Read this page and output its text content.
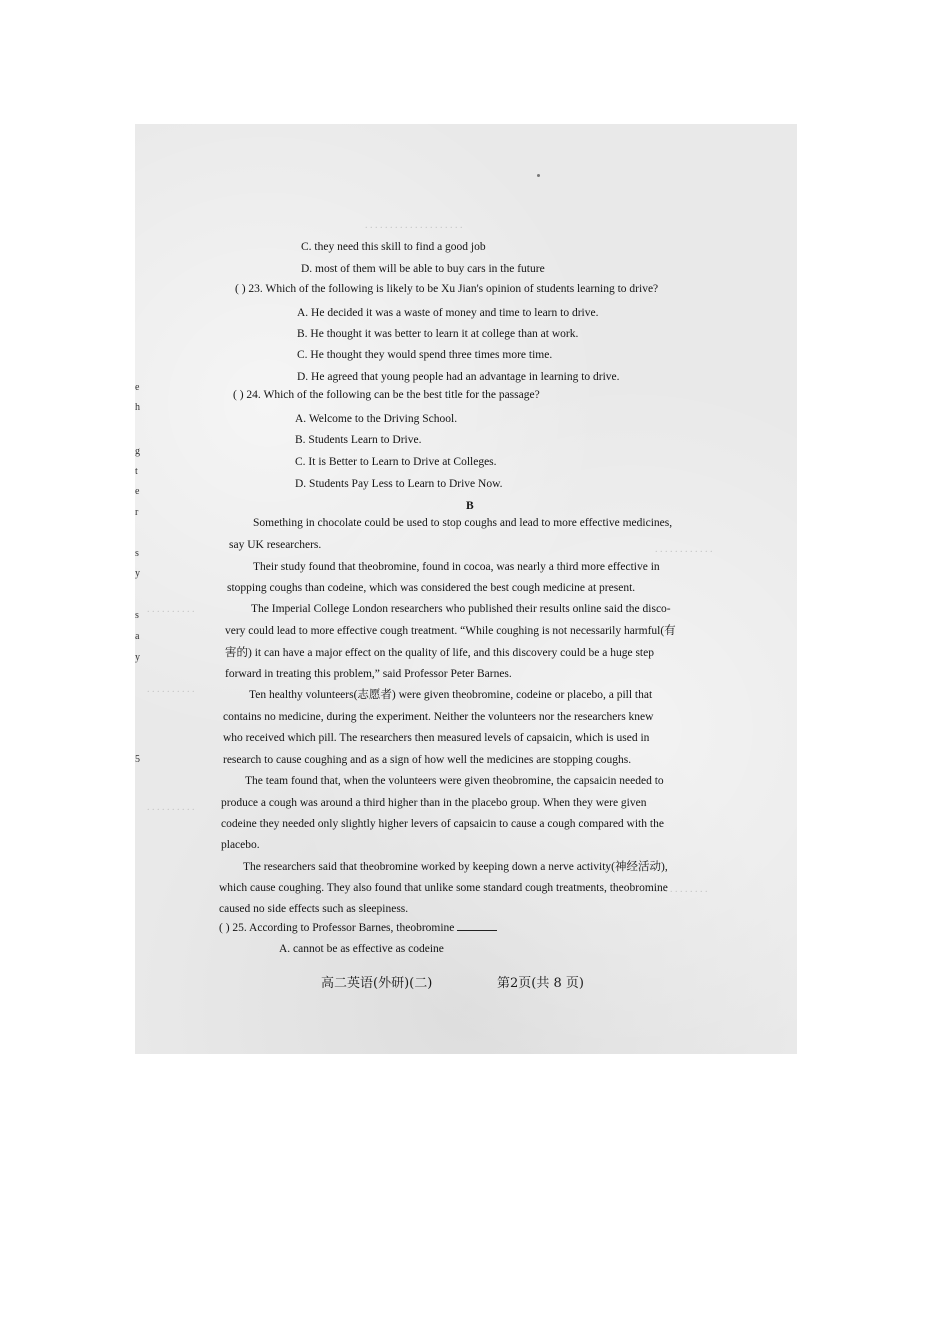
. . . . . . . . . . . . . . . . . . . .
. . . . . . . . . .
. . . . . . . . . .
. . . . . . . . . .
. . . . . . . . . . . .
. . . . . . . . . . .
e
h
g
t
e
r
s
y
s
a
y
5

C. they need this skill to find a good job

D. most of them will be able to buy cars in the future

( ) 23. Which of the following is likely to be Xu Jian's opinion of students learning to drive?

A. He decided it was a waste of money and time to learn to drive.

B. He thought it was better to learn it at college than at work.

C. He thought they would spend three times more time.

D. He agreed that young people had an advantage in learning to drive.

( ) 24. Which of the following can be the best title for the passage?

A. Welcome to the Driving School.

B. Students Learn to Drive.

C. It is Better to Learn to Drive at Colleges.

D. Students Pay Less to Learn to Drive Now.

B

Something in chocolate could be used to stop coughs and lead to more effective medicines,

say UK researchers.

Their study found that theobromine, found in cocoa, was nearly a third more effective in

stopping coughs than codeine, which was considered the best cough medicine at present.

The Imperial College London researchers who published their results online said the disco-

very could lead to more effective cough treatment. “While coughing is not necessarily harmful(有

害的) it can have a major effect on the quality of life, and this discovery could be a huge step

forward in treating this problem,” said Professor Peter Barnes.

Ten healthy volunteers(志愿者) were given theobromine, codeine or placebo, a pill that

contains no medicine, during the experiment. Neither the volunteers nor the researchers knew

who received which pill. The researchers then measured levels of capsaicin, which is used in

research to cause coughing and as a sign of how well the medicines are stopping coughs.

The team found that, when the volunteers were given theobromine, the capsaicin needed to

produce a cough was around a third higher than in the placebo group. When they were given

codeine they needed only slightly higher levers of capsaicin to cause a cough compared with the

placebo.

The researchers said that theobromine worked by keeping down a nerve activity(神经活动),

which cause coughing. They also found that unlike some standard cough treatments, theobromine

caused no side effects such as sleepiness.

( ) 25. According to Professor Barnes, theobromine

A. cannot be as effective as codeine

高二英语(外研)(二)	第2页(共 8 页)
